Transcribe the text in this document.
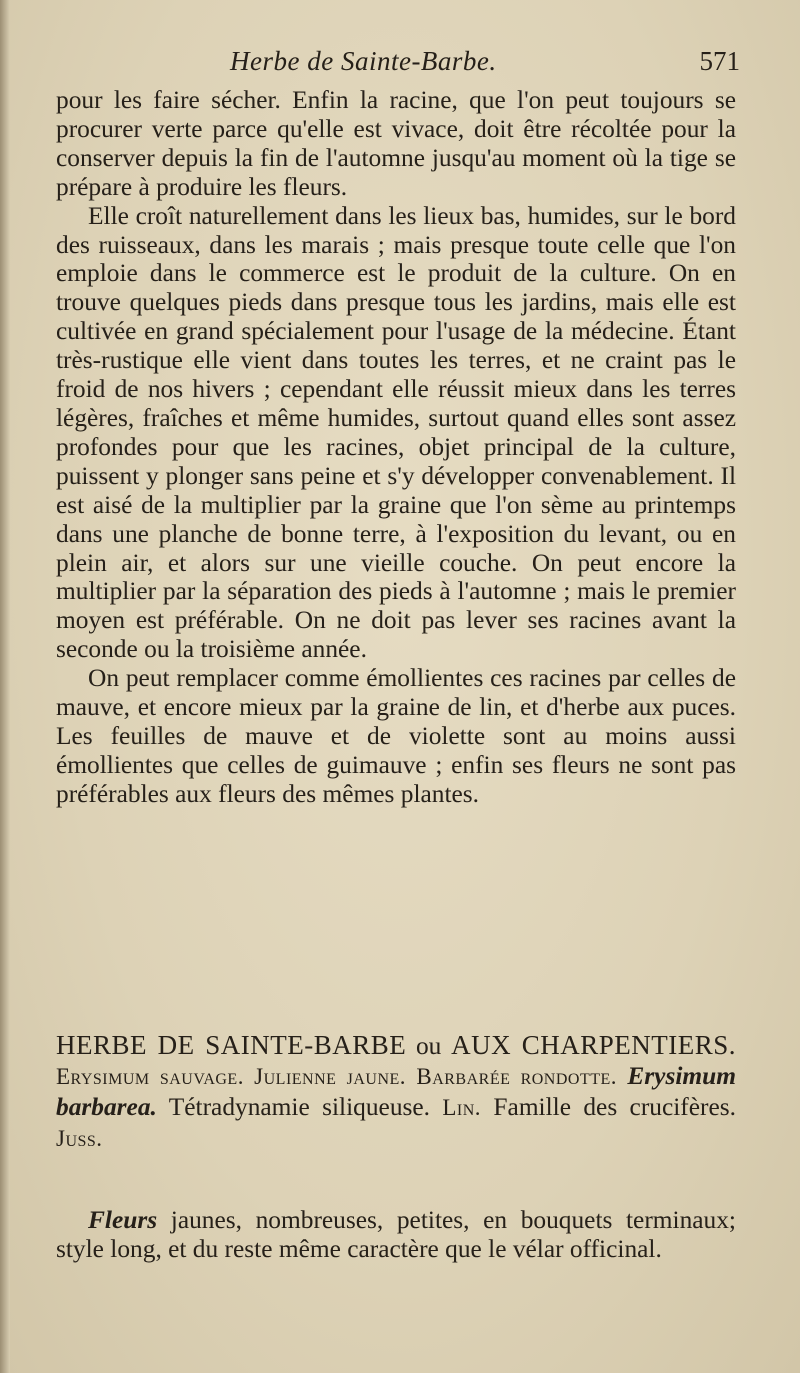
Herbe de Sainte-Barbe.	571

pour les faire sécher. Enfin la racine, que l'on peut toujours se procurer verte parce qu'elle est vivace, doit être récoltée pour la conserver depuis la fin de l'automne jusqu'au moment où la tige se prépare à produire les fleurs.

Elle croît naturellement dans les lieux bas, humides, sur le bord des ruisseaux, dans les marais ; mais presque toute celle que l'on emploie dans le commerce est le produit de la culture. On en trouve quelques pieds dans presque tous les jardins, mais elle est cultivée en grand spécialement pour l'usage de la médecine. Étant très-rustique elle vient dans toutes les terres, et ne craint pas le froid de nos hivers ; cependant elle réussit mieux dans les terres légères, fraîches et même humides, surtout quand elles sont assez profondes pour que les racines, objet principal de la culture, puissent y plonger sans peine et s'y développer convenablement. Il est aisé de la multiplier par la graine que l'on sème au printemps dans une planche de bonne terre, à l'exposition du levant, ou en plein air, et alors sur une vieille couche. On peut encore la multiplier par la séparation des pieds à l'automne ; mais le premier moyen est préférable. On ne doit pas lever ses racines avant la seconde ou la troisième année.

On peut remplacer comme émollientes ces racines par celles de mauve, et encore mieux par la graine de lin, et d'herbe aux puces. Les feuilles de mauve et de violette sont au moins aussi émollientes que celles de guimauve ; enfin ses fleurs ne sont pas préférables aux fleurs des mêmes plantes.

HERBE DE SAINTE-BARBE ou AUX CHARPENTIERS. Erysimum sauvage. Julienne jaune. Barbarée rondotte. Erysimum barbarea. Tétradynamie siliqueuse. Lin. Famille des crucifères. Juss.

Fleurs jaunes, nombreuses, petites, en bouquets terminaux; style long, et du reste même caractère que le vélar officinal.
